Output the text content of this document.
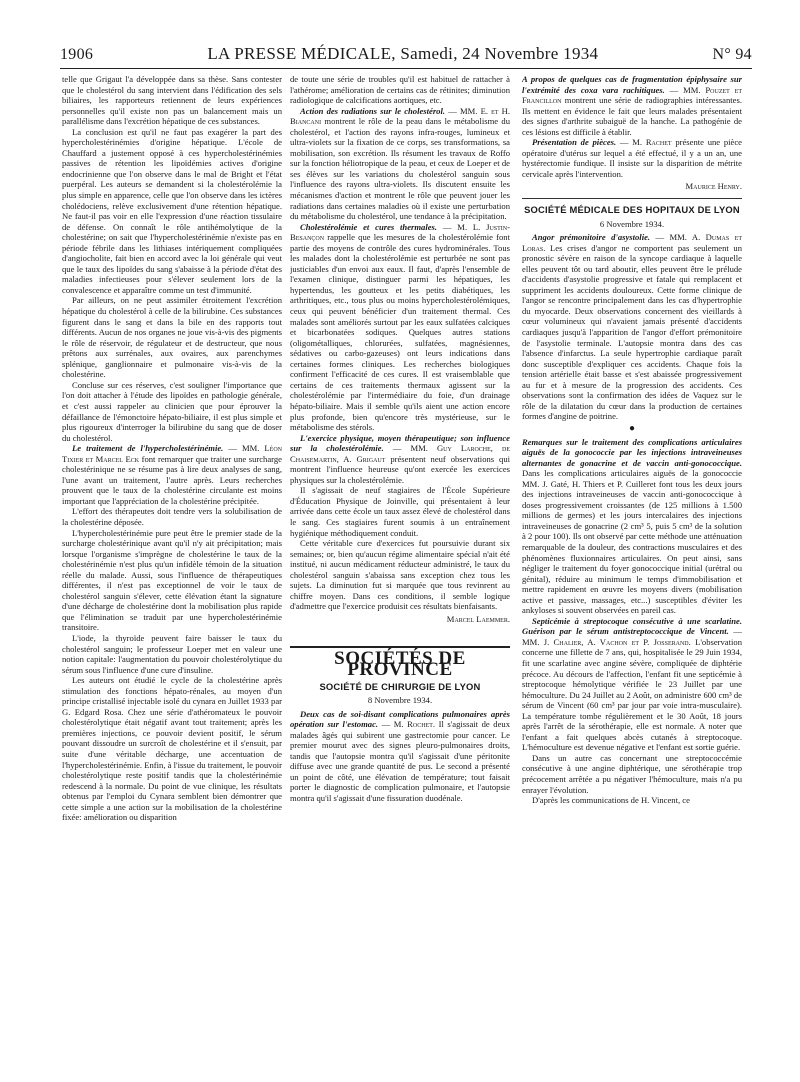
1906	LA PRESSE MÉDICALE, Samedi, 24 Novembre 1934	N° 94

telle que Grigaut l'a développée dans sa thèse. Sans contester que le cholestérol du sang intervient dans l'édification des sels biliaires, les rapporteurs retiennent de leurs expériences personnelles qu'il existe non pas un balancement mais un parallélisme dans l'excrétion hépatique de ces substances.

La conclusion est qu'il ne faut pas exagérer la part des hypercholestérinémies d'origine hépatique. L'école de Chauffard a justement opposé à ces hypercholestérinémies passives de rétention les lipoïdémies actives d'origine endocrinienne que l'on observe dans le mal de Bright et l'état puerpéral. Les auteurs se demandent si la cholestérolémie la plus simple en apparence, celle que l'on observe dans les ictères cholédociens, relève exclusivement d'une rétention hépatique. Ne faut-il pas voir en elle l'expression d'une réaction tissulaire de défense. On connaît le rôle antihémolytique de la cholestérine; on sait que l'hypercholestérinémie n'existe pas en période fébrile dans les lithiases intériquement compliquées d'angiocholite, fait bien en accord avec la loi générale qui veut que le taux des lipoïdes du sang s'abaisse à la période d'état des maladies infectieuses pour s'élever seulement lors de la convalescence et apparaître comme un test d'immunité.

Par ailleurs, on ne peut assimiler étroitement l'excrétion hépatique du cholestérol à celle de la bilirubine. Ces substances figurent dans le sang et dans la bile en des rapports tout différents. Aucun de nos organes ne joue vis-à-vis des pigments le rôle de réservoir, de régulateur et de destructeur, que nous prêtons aux surrénales, aux ovaires, aux parenchymes splénique, ganglionnaire et pulmonaire vis-à-vis de la cholestérine.

Concluse sur ces réserves, c'est souligner l'importance que l'on doit attacher à l'étude des lipoïdes en pathologie générale, et c'est aussi rappeler au clinicien que pour éprouver la défaillance de l'émonctoire hépato-biliaire, il est plus simple et plus rigoureux d'interroger la bilirubine du sang que de doser du cholestérol.

Le traitement de l'hypercholestérinémie. — MM. Léon Tixier et Marcel Eck font remarquer que traiter une surcharge cholestérinique ne se résume pas à lire deux analyses de sang, l'une avant un traitement, l'autre après. Leurs recherches prouvent que le taux de la cholestérine circulante est moins important que l'appréciation de la cholestérine précipitée.

L'effort des thérapeutes doit tendre vers la solubilisation de la cholestérine déposée.

L'hypercholestérinémie pure peut être le premier stade de la surcharge cholestérinique avant qu'il n'y ait précipitation; mais lorsque l'organisme s'imprègne de cholestérine le taux de la cholestérinémie n'est plus qu'un infidèle témoin de la situation réelle du malade. Aussi, sous l'influence de thérapeutiques différentes, il n'est pas exceptionnel de voir le taux de cholestérol sanguin s'élever, cette élévation étant la signature d'une décharge de cholestérine dont la mobilisation plus rapide que l'élimination se traduit par une hypercholestérinémie transitoire.

L'iode, la thyroïde peuvent faire baisser le taux du cholestérol sanguin; le professeur Loeper met en valeur une notion capitale: l'augmentation du pouvoir cholestérolytique du sérum sous l'influence d'une cure d'insuline.

Les auteurs ont étudié le cycle de la cholestérine après stimulation des fonctions hépato-rénales, au moyen d'un principe cristallisé injectable isolé du cynara en Juillet 1933 par G. Edgard Rosa. Chez une série d'athéromateux le pouvoir cholestérolytique était négatif avant tout traitement; après les premières injections, ce pouvoir devient positif, le sérum pouvant dissoudre un surcroît de cholestérine et il s'ensuit, par suite d'une véritable décharge, une accentuation de l'hypercholestérinémie. Enfin, à l'issue du traitement, le pouvoir cholestérolytique reste positif tandis que la cholestérinémie redescend à la normale. Du point de vue clinique, les résultats obtenus par l'emploi du Cynara semblent bien démontrer que cette simple a une action sur la mobilisation de la cholestérine fixée: amélioration ou disparition

de toute une série de troubles qu'il est habituel de rattacher à l'athérome; amélioration de certains cas de rétinites; diminution radiologique de calcifications aortiques, etc.

Action des radiations sur le cholestérol. — MM. E. et H. Biancani montrent le rôle de la peau dans le métabolisme du cholestérol, et l'action des rayons infra-rouges, lumineux et ultra-violets sur la fixation de ce corps, ses transformations, sa mobilisation, son excrétion. Ils résument les travaux de Roffo sur la fonction héliotropique de la peau, et ceux de Loeper et de ses élèves sur les variations du cholestérol sanguin sous l'influence des rayons ultra-violets. Ils discutent ensuite les mécanismes d'action et montrent le rôle que peuvent jouer les radiations dans certaines maladies où il existe une perturbation du métabolisme du cholestérol, une tendance à la précipitation.

Cholestérolémie et cures thermales. — M. L. Justin-Besançon rappelle que les mesures de la cholestérolémie font partie des moyens de contrôle des cures hydrominérales. Tous les malades dont la cholestérolémie est perturbée ne sont pas justiciables d'un envoi aux eaux. Il faut, d'après l'ensemble de l'examen clinique, distinguer parmi les hépatiques, les hypertendus, les goutteux et les petits diabétiques, les arthritiques, etc., tous plus ou moins hypercholestérolémiques, ceux qui peuvent bénéficier d'un traitement thermal. Ces malades sont améliorés surtout par les eaux sulfatées calciques et bicarbonatées sodiques. Quelques autres stations (oligométalliques, chlorurées, sulfatées, magnésiennes, sédatives ou carbo-gazeuses) ont leurs indications dans certaines formes cliniques. Les recherches biologiques confirment l'efficacité de ces cures. Il est vraisemblable que certains de ces traitements thermaux agissent sur la cholestérolémie par l'intermédiaire du foie, d'un drainage hépato-biliaire. Mais il semble qu'ils aient une action encore plus profonde, bien qu'encore très mystérieuse, sur le métabolisme des stérols.

L'exercice physique, moyen thérapeutique; son influence sur la cholestérolémie. — MM. Guy Laroche, de Chaisemartin, A. Grigaut présentent neuf observations qui montrent l'influence heureuse qu'ont exercée les exercices physiques sur la cholestérolémie.

Il s'agissait de neuf stagiaires de l'École Supérieure d'Éducation Physique de Joinville, qui présentaient à leur arrivée dans cette école un taux assez élevé de cholestérol dans le sang. Ces stagiaires furent soumis à un entraînement hygiénique méthodiquement conduit.

Cette véritable cure d'exercices fut poursuivie durant six semaines; or, bien qu'aucun régime alimentaire spécial n'ait été institué, ni aucun médicament réducteur administré, le taux du cholestérol sanguin s'abaissa sans exception chez tous les sujets. La diminution fut si marquée que tous revinrent au chiffre moyen. Dans ces conditions, il semble logique d'admettre que l'exercice produisit ces résultats bienfaisants.

Marcel Laemmer.

SOCIÉTÉS DE PROVINCE
SOCIÉTÉ DE CHIRURGIE DE LYON
8 Novembre 1934.

Deux cas de soi-disant complications pulmonaires après opération sur l'estomac. — M. Rochet. Il s'agissait de deux malades âgés qui subirent une gastrectomie pour cancer. Le premier mourut avec des signes pleuro-pulmonaires droits, tandis que l'autopsie montra qu'il s'agissait d'une péritonite diffuse avec une grande quantité de pus. Le second a présenté un point de côté, une élévation de température; tout faisait porter le diagnostic de complication pulmonaire, et l'autopsie montra qu'il s'agissait d'une fissuration duodénale.

A propos de quelques cas de fragmentation épiphysaire sur l'extrémité des coxa vara rachitiques. — MM. Pouzet et Francillon montrent une série de radiographies intéressantes. Ils mettent en évidence le fait que leurs malades présentaient des signes d'arthrite subaiguë de la hanche. La pathogénie de ces lésions est difficile à établir.

Présentation de pièces. — M. Rachet présente une pièce opératoire d'utérus sur lequel a été effectué, il y a un an, une hystérectomie fundique. Il insiste sur la disparition de métrite cervicale après l'intervention.

Maurice Henry.

SOCIÉTÉ MÉDICALE DES HOPITAUX DE LYON
6 Novembre 1934.

Angor prémonitoire d'asystolie. — MM. A. Dumas et Loras. Les crises d'angor ne comportent pas seulement un pronostic sévère en raison de la syncope cardiaque à laquelle elles peuvent tôt ou tard aboutir, elles peuvent être le prélude d'accidents d'asystolie progressive et fatale qui remplacent et suppriment les accidents douloureux. Cette forme clinique de l'angor se rencontre principalement dans les cas d'hypertrophie du myocarde. Deux observations concernent des vieillards à cœur volumineux qui n'avaient jamais présenté d'accidents cardiaques jusqu'à l'apparition de l'angor d'effort prémonitoire de l'asystolie terminale. L'autopsie montra dans des cas l'absence d'infarctus. La seule hypertrophie cardiaque paraît donc susceptible d'expliquer ces accidents. Chaque fois la tension artérielle était basse et s'est abaissée progressivement au fur et à mesure de la progression des accidents. Ces observations sont la confirmation des idées de Vaquez sur le rôle de la dilatation du cœur dans la production de certaines formes d'angine de poitrine.

●

Remarques sur le traitement des complications articulaires aiguës de la gonococcie par les injections intraveineuses alternantes de gonacrine et de vaccin anti-gonococcique. Dans les complications articulaires aiguës de la gonococcie MM. J. Gaté, H. Thiers et P. Cuilleret font tous les deux jours des injections intraveineuses de vaccin anti-gonococcique à doses progressivement croissantes (de 125 millions à 1.500 millions de germes) et les jours intercalaires des injections intraveineuses de gonacrine (2 cm³ 5, puis 5 cm³ de la solution à 2 pour 100). Ils ont observé par cette méthode une atténuation remarquable de la douleur, des contractions musculaires et des phénomènes fluxionnaires articulaires. On peut ainsi, sans négliger le traitement du foyer gonococcique initial (urétral ou génital), réduire au minimum le temps d'immobilisation et mettre rapidement en œuvre les moyens divers (mobilisation active et passive, massages, etc...) susceptibles d'éviter les ankyloses si souvent observées en pareil cas.

Septicémie à streptocoque consécutive à une scarlatine. Guérison par le sérum antistreptococcique de Vincent. — MM. J. Chalier, A. Vachon et P. Josserand. L'observation concerne une fillette de 7 ans, qui, hospitalisée le 29 Juin 1934, fit une scarlatine avec angine sévère, compliquée de diphtérie précoce. Au décours de l'affection, l'enfant fit une septicémie à streptocoque hémolytique vérifiée le 23 Juillet par une hémoculture. Du 24 Juillet au 2 Août, on administre 600 cm³ de sérum de Vincent (60 cm³ par jour par voie intra-musculaire). La température tombe régulièrement et le 30 Août, 18 jours après l'arrêt de la sérothérapie, elle est normale. A noter que l'enfant a fait quelques abcès cutanés à streptocoque. L'hémoculture est devenue négative et l'enfant est sortie guérie.

Dans un autre cas concernant une streptococcémie consécutive à une angine diphtérique, une sérothérapie trop précocement arrêtée a pu négativer l'hémoculture, mais n'a pu enrayer l'évolution.

D'après les communications de H. Vincent, ce
